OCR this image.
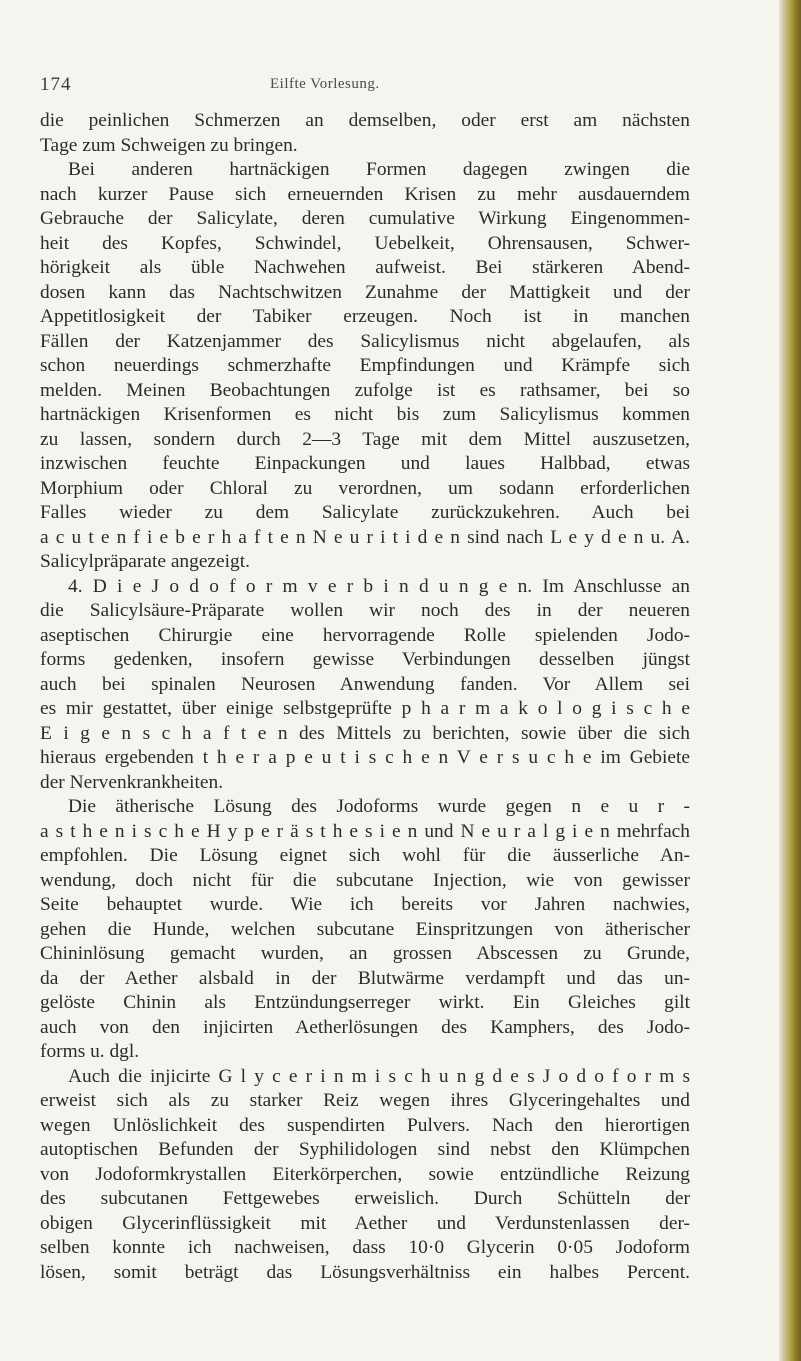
174	Eilfte Vorlesung.
die peinlichen Schmerzen an demselben, oder erst am nächsten
Tage zum Schweigen zu bringen.
Bei anderen hartnäckigen Formen dagegen zwingen die
nach kurzer Pause sich erneuernden Krisen zu mehr ausdauerndem
Gebrauche der Salicylate, deren cumulative Wirkung Eingenommen-
heit des Kopfes, Schwindel, Uebelkeit, Ohrensausen, Schwer-
hörigkeit als üble Nachwehen aufweist. Bei stärkeren Abend-
dosen kann das Nachtschwitzen Zunahme der Mattigkeit und der
Appetitlosigkeit der Tabiker erzeugen. Noch ist in manchen
Fällen der Katzenjammer des Salicylismus nicht abgelaufen, als
schon neuerdings schmerzhafte Empfindungen und Krämpfe sich
melden. Meinen Beobachtungen zufolge ist es rathsamer, bei so
hartnäckigen Krisenformen es nicht bis zum Salicylismus kommen
zu lassen, sondern durch 2—3 Tage mit dem Mittel auszusetzen,
inzwischen feuchte Einpackungen und laues Halbbad, etwas
Morphium oder Chloral zu verordnen, um sodann erforderlichen
Falles wieder zu dem Salicylate zurückzukehren. Auch bei
a c u t e n f i e b e r h a f t e n N e u r i t i d e n sind nach L e y d e n u. A.
Salicylpräparate angezeigt.
4. D i e J o d o f o r m v e r b i n d u n g e n. Im Anschlusse an
die Salicylsäure-Präparate wollen wir noch des in der neueren
aseptischen Chirurgie eine hervorragende Rolle spielenden Jodo-
forms gedenken, insofern gewisse Verbindungen desselben jüngst
auch bei spinalen Neurosen Anwendung fanden. Vor Allem sei
es mir gestattet, über einige selbstgeprüfte p h a r m a k o l o g i s c h e
E i g e n s c h a f t e n des Mittels zu berichten, sowie über die sich
hieraus ergebenden t h e r a p e u t i s c h e n V e r s u c h e im Gebiete
der Nervenkrankheiten.
Die ätherische Lösung des Jodoforms wurde gegen n e u r -
a s t h e n i s c h e H y p e r ä s t h e s i e n und N e u r a l g i e n mehrfach
empfohlen. Die Lösung eignet sich wohl für die äusserliche An-
wendung, doch nicht für die subcutane Injection, wie von gewisser
Seite behauptet wurde. Wie ich bereits vor Jahren nachwies,
gehen die Hunde, welchen subcutane Einspritzungen von ätherischer
Chininlösung gemacht wurden, an grossen Abscessen zu Grunde,
da der Aether alsbald in der Blutwärme verdampft und das un-
gelöste Chinin als Entzündungserreger wirkt. Ein Gleiches gilt
auch von den injicirten Aetherlösungen des Kamphers, des Jodo-
forms u. dgl.
Auch die injicirte G l y c e r i n m i s c h u n g d e s J o d o f o r m s
erweist sich als zu starker Reiz wegen ihres Glyceringehaltes und
wegen Unlöslichkeit des suspendirten Pulvers. Nach den hierortigen
autoptischen Befunden der Syphilidologen sind nebst den Klümpchen
von Jodoformkrystallen Eiterkörperchen, sowie entzündliche Reizung
des subcutanen Fettgewebes erweislich. Durch Schütteln der
obigen Glycerinflüssigkeit mit Aether und Verdunstenlassen der-
selben konnte ich nachweisen, dass 10·0 Glycerin 0·05 Jodoform
lösen, somit beträgt das Lösungsverhältniss ein halbes Percent.
